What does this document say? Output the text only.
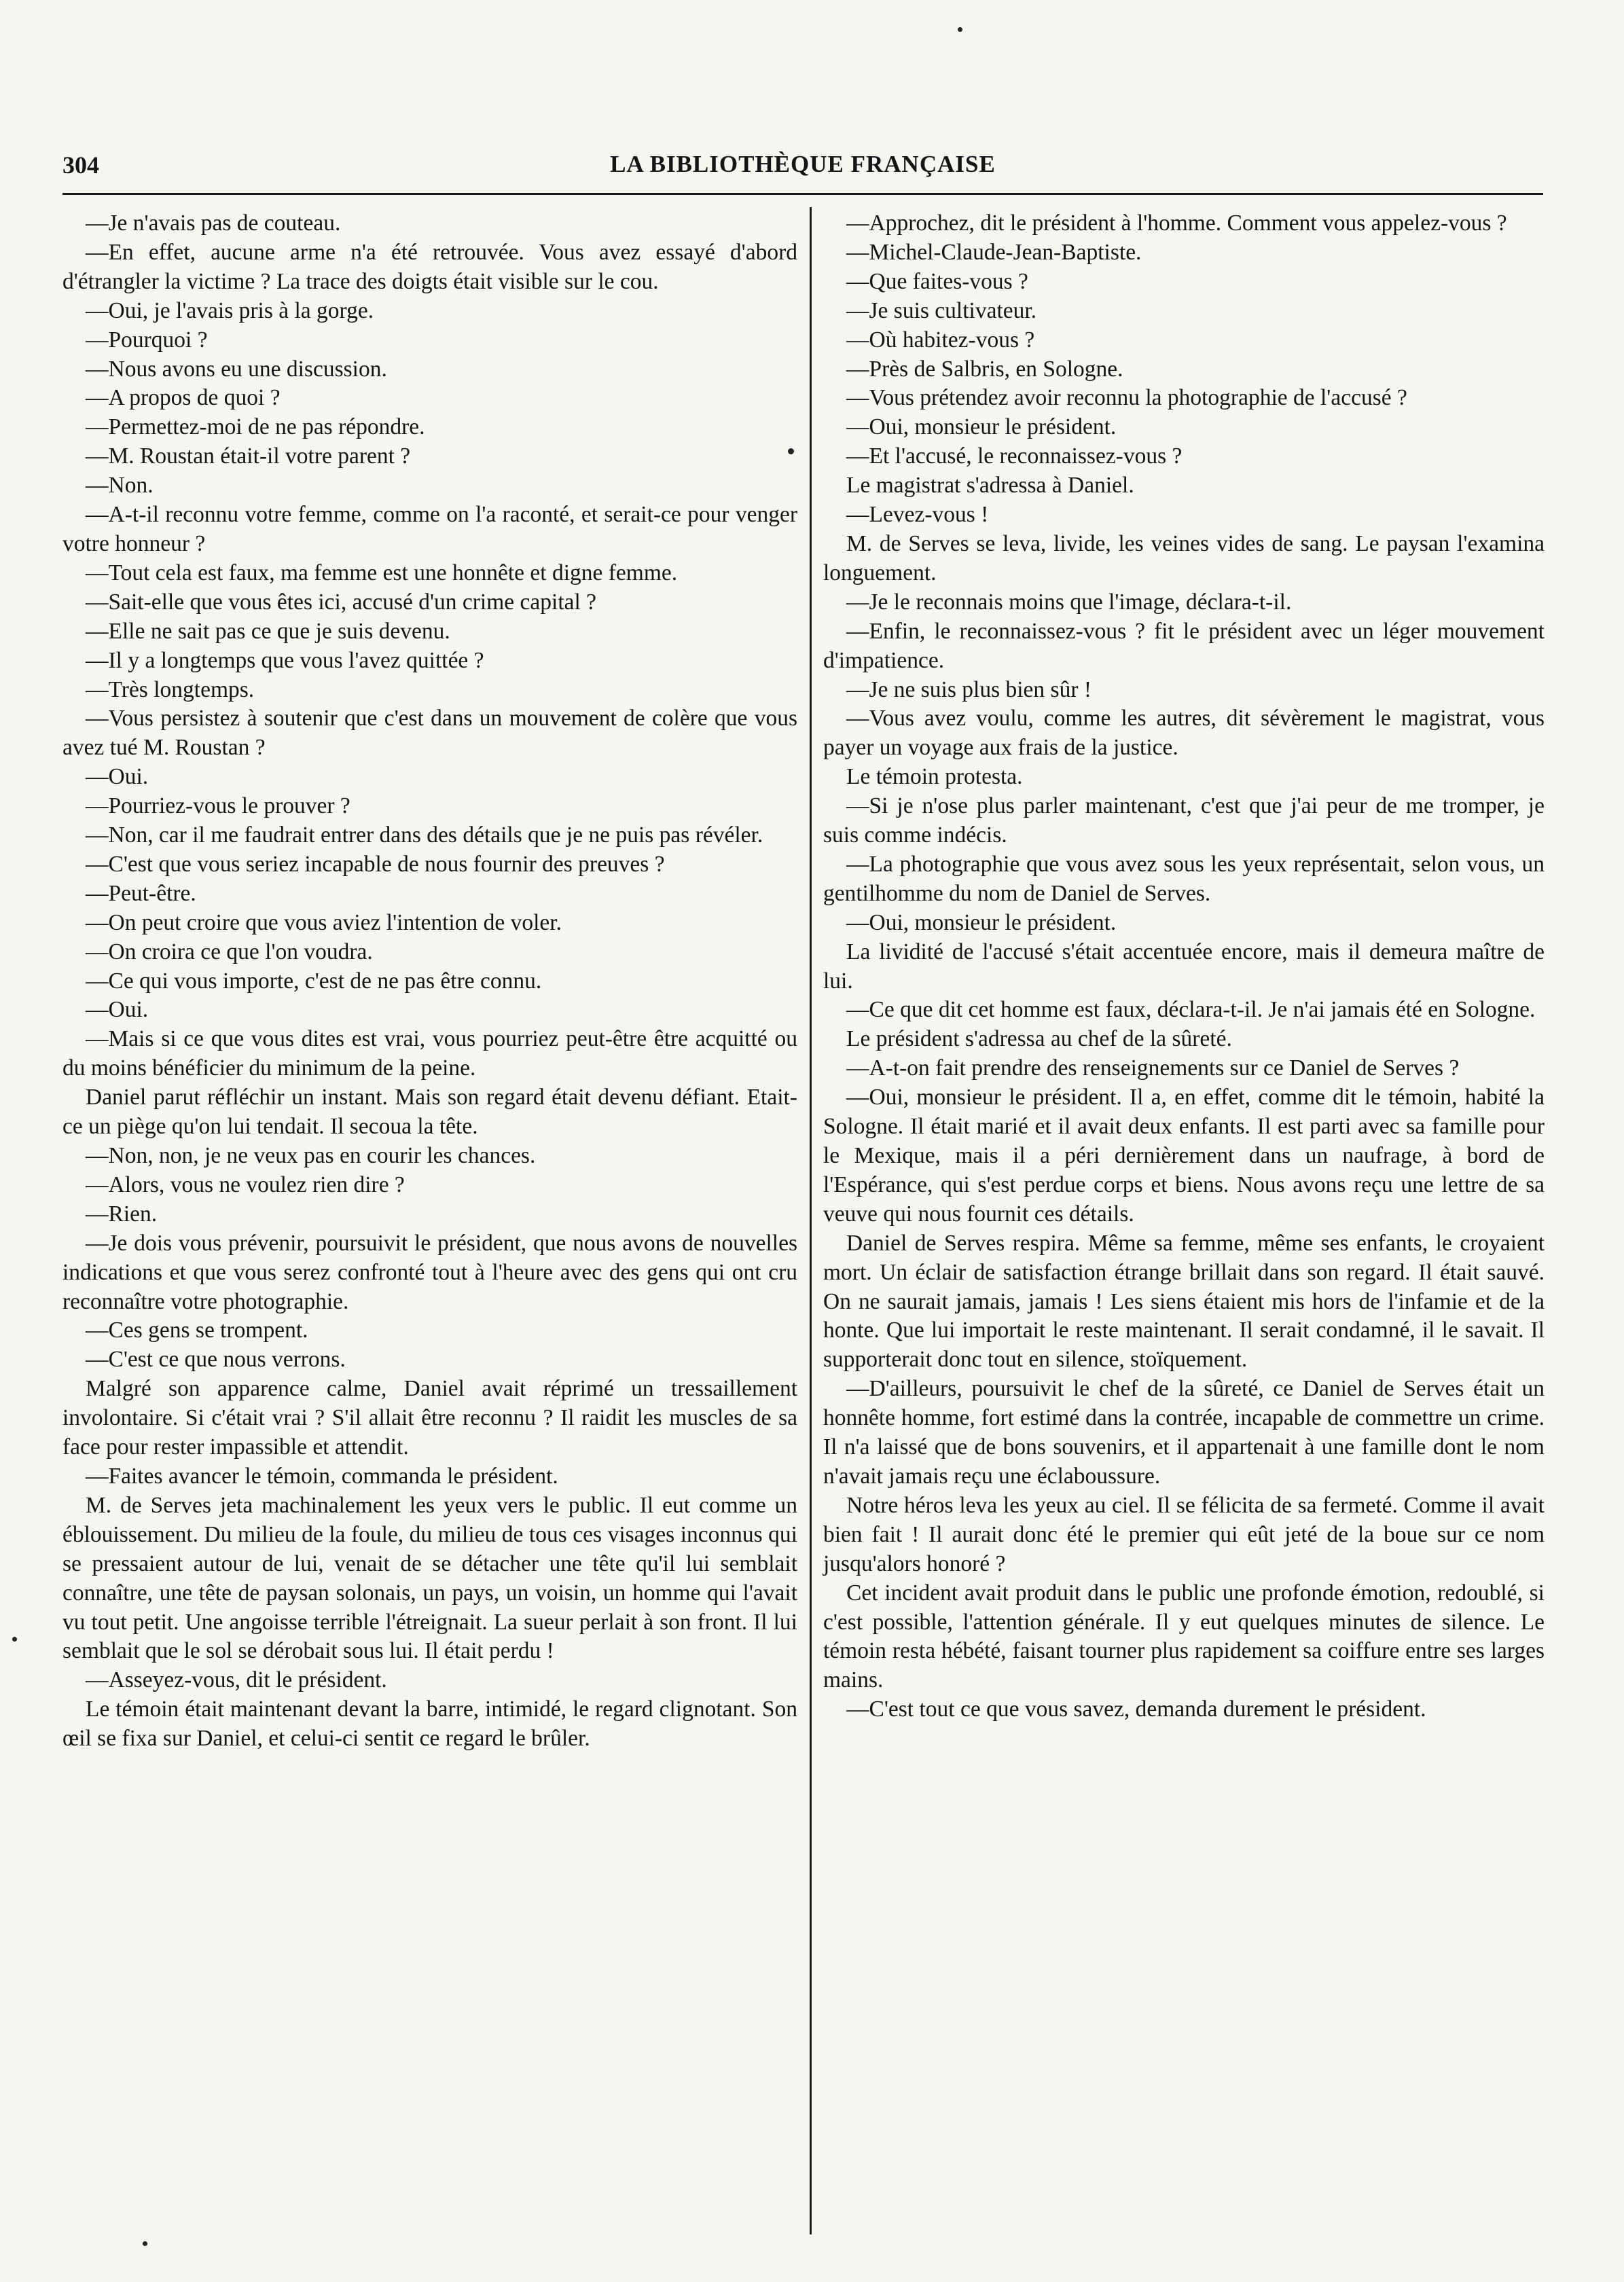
304	LA BIBLIOTHÈQUE FRANÇAISE

—Je n'avais pas de couteau.

—En effet, aucune arme n'a été retrouvée. Vous avez essayé d'abord d'étrangler la victime ? La trace des doigts était visible sur le cou.

—Oui, je l'avais pris à la gorge.

—Pourquoi ?

—Nous avons eu une discussion.

—A propos de quoi ?

—Permettez-moi de ne pas répondre.

—M. Roustan était-il votre parent ?

—Non.

—A-t-il reconnu votre femme, comme on l'a raconté, et serait-ce pour venger votre honneur ?

—Tout cela est faux, ma femme est une honnête et digne femme.

—Sait-elle que vous êtes ici, accusé d'un crime capital ?

—Elle ne sait pas ce que je suis devenu.

—Il y a longtemps que vous l'avez quittée ?

—Très longtemps.

—Vous persistez à soutenir que c'est dans un mouvement de colère que vous avez tué M. Roustan ?

—Oui.

—Pourriez-vous le prouver ?

—Non, car il me faudrait entrer dans des détails que je ne puis pas révéler.

—C'est que vous seriez incapable de nous fournir des preuves ?

—Peut-être.

—On peut croire que vous aviez l'intention de voler.

—On croira ce que l'on voudra.

—Ce qui vous importe, c'est de ne pas être connu.

—Oui.

—Mais si ce que vous dites est vrai, vous pourriez peut-être être acquitté ou du moins bénéficier du minimum de la peine.

Daniel parut réfléchir un instant. Mais son regard était devenu défiant. Etait-ce un piège qu'on lui tendait. Il secoua la tête.

—Non, non, je ne veux pas en courir les chances.

—Alors, vous ne voulez rien dire ?

—Rien.

—Je dois vous prévenir, poursuivit le président, que nous avons de nouvelles indications et que vous serez confronté tout à l'heure avec des gens qui ont cru reconnaître votre photographie.

—Ces gens se trompent.

—C'est ce que nous verrons.

Malgré son apparence calme, Daniel avait réprimé un tressaillement involontaire. Si c'était vrai ? S'il allait être reconnu ? Il raidit les muscles de sa face pour rester impassible et attendit.

—Faites avancer le témoin, commanda le président.

M. de Serves jeta machinalement les yeux vers le public. Il eut comme un éblouissement. Du milieu de la foule, du milieu de tous ces visages inconnus qui se pressaient autour de lui, venait de se détacher une tête qu'il lui semblait connaître, une tête de paysan solonais, un pays, un voisin, un homme qui l'avait vu tout petit. Une angoisse terrible l'étreignait. La sueur perlait à son front. Il lui semblait que le sol se dérobait sous lui. Il était perdu !

—Asseyez-vous, dit le président.

Le témoin était maintenant devant la barre, intimidé, le regard clignotant. Son œil se fixa sur Daniel, et celui-ci sentit ce regard le brûler.

—Approchez, dit le président à l'homme. Comment vous appelez-vous ?

—Michel-Claude-Jean-Baptiste.

—Que faites-vous ?

—Je suis cultivateur.

—Où habitez-vous ?

—Près de Salbris, en Sologne.

—Vous prétendez avoir reconnu la photographie de l'accusé ?

—Oui, monsieur le président.

—Et l'accusé, le reconnaissez-vous ?

Le magistrat s'adressa à Daniel.

—Levez-vous !

M. de Serves se leva, livide, les veines vides de sang. Le paysan l'examina longuement.

—Je le reconnais moins que l'image, déclara-t-il.

—Enfin, le reconnaissez-vous ? fit le président avec un léger mouvement d'impatience.

—Je ne suis plus bien sûr !

—Vous avez voulu, comme les autres, dit sévèrement le magistrat, vous payer un voyage aux frais de la justice.

Le témoin protesta.

—Si je n'ose plus parler maintenant, c'est que j'ai peur de me tromper, je suis comme indécis.

—La photographie que vous avez sous les yeux représentait, selon vous, un gentilhomme du nom de Daniel de Serves.

—Oui, monsieur le président.

La lividité de l'accusé s'était accentuée encore, mais il demeura maître de lui.

—Ce que dit cet homme est faux, déclara-t-il. Je n'ai jamais été en Sologne.

Le président s'adressa au chef de la sûreté.

—A-t-on fait prendre des renseignements sur ce Daniel de Serves ?

—Oui, monsieur le président. Il a, en effet, comme dit le témoin, habité la Sologne. Il était marié et il avait deux enfants. Il est parti avec sa famille pour le Mexique, mais il a péri dernièrement dans un naufrage, à bord de l'Espérance, qui s'est perdue corps et biens. Nous avons reçu une lettre de sa veuve qui nous fournit ces détails.

Daniel de Serves respira. Même sa femme, même ses enfants, le croyaient mort. Un éclair de satisfaction étrange brillait dans son regard. Il était sauvé. On ne saurait jamais, jamais ! Les siens étaient mis hors de l'infamie et de la honte. Que lui importait le reste maintenant. Il serait condamné, il le savait. Il supporterait donc tout en silence, stoïquement.

—D'ailleurs, poursuivit le chef de la sûreté, ce Daniel de Serves était un honnête homme, fort estimé dans la contrée, incapable de commettre un crime. Il n'a laissé que de bons souvenirs, et il appartenait à une famille dont le nom n'avait jamais reçu une éclaboussure.

Notre héros leva les yeux au ciel. Il se félicita de sa fermeté. Comme il avait bien fait ! Il aurait donc été le premier qui eût jeté de la boue sur ce nom jusqu'alors honoré ?

Cet incident avait produit dans le public une profonde émotion, redoublé, si c'est possible, l'attention générale. Il y eut quelques minutes de silence. Le témoin resta hébété, faisant tourner plus rapidement sa coiffure entre ses larges mains.

—C'est tout ce que vous savez, demanda durement le président.
